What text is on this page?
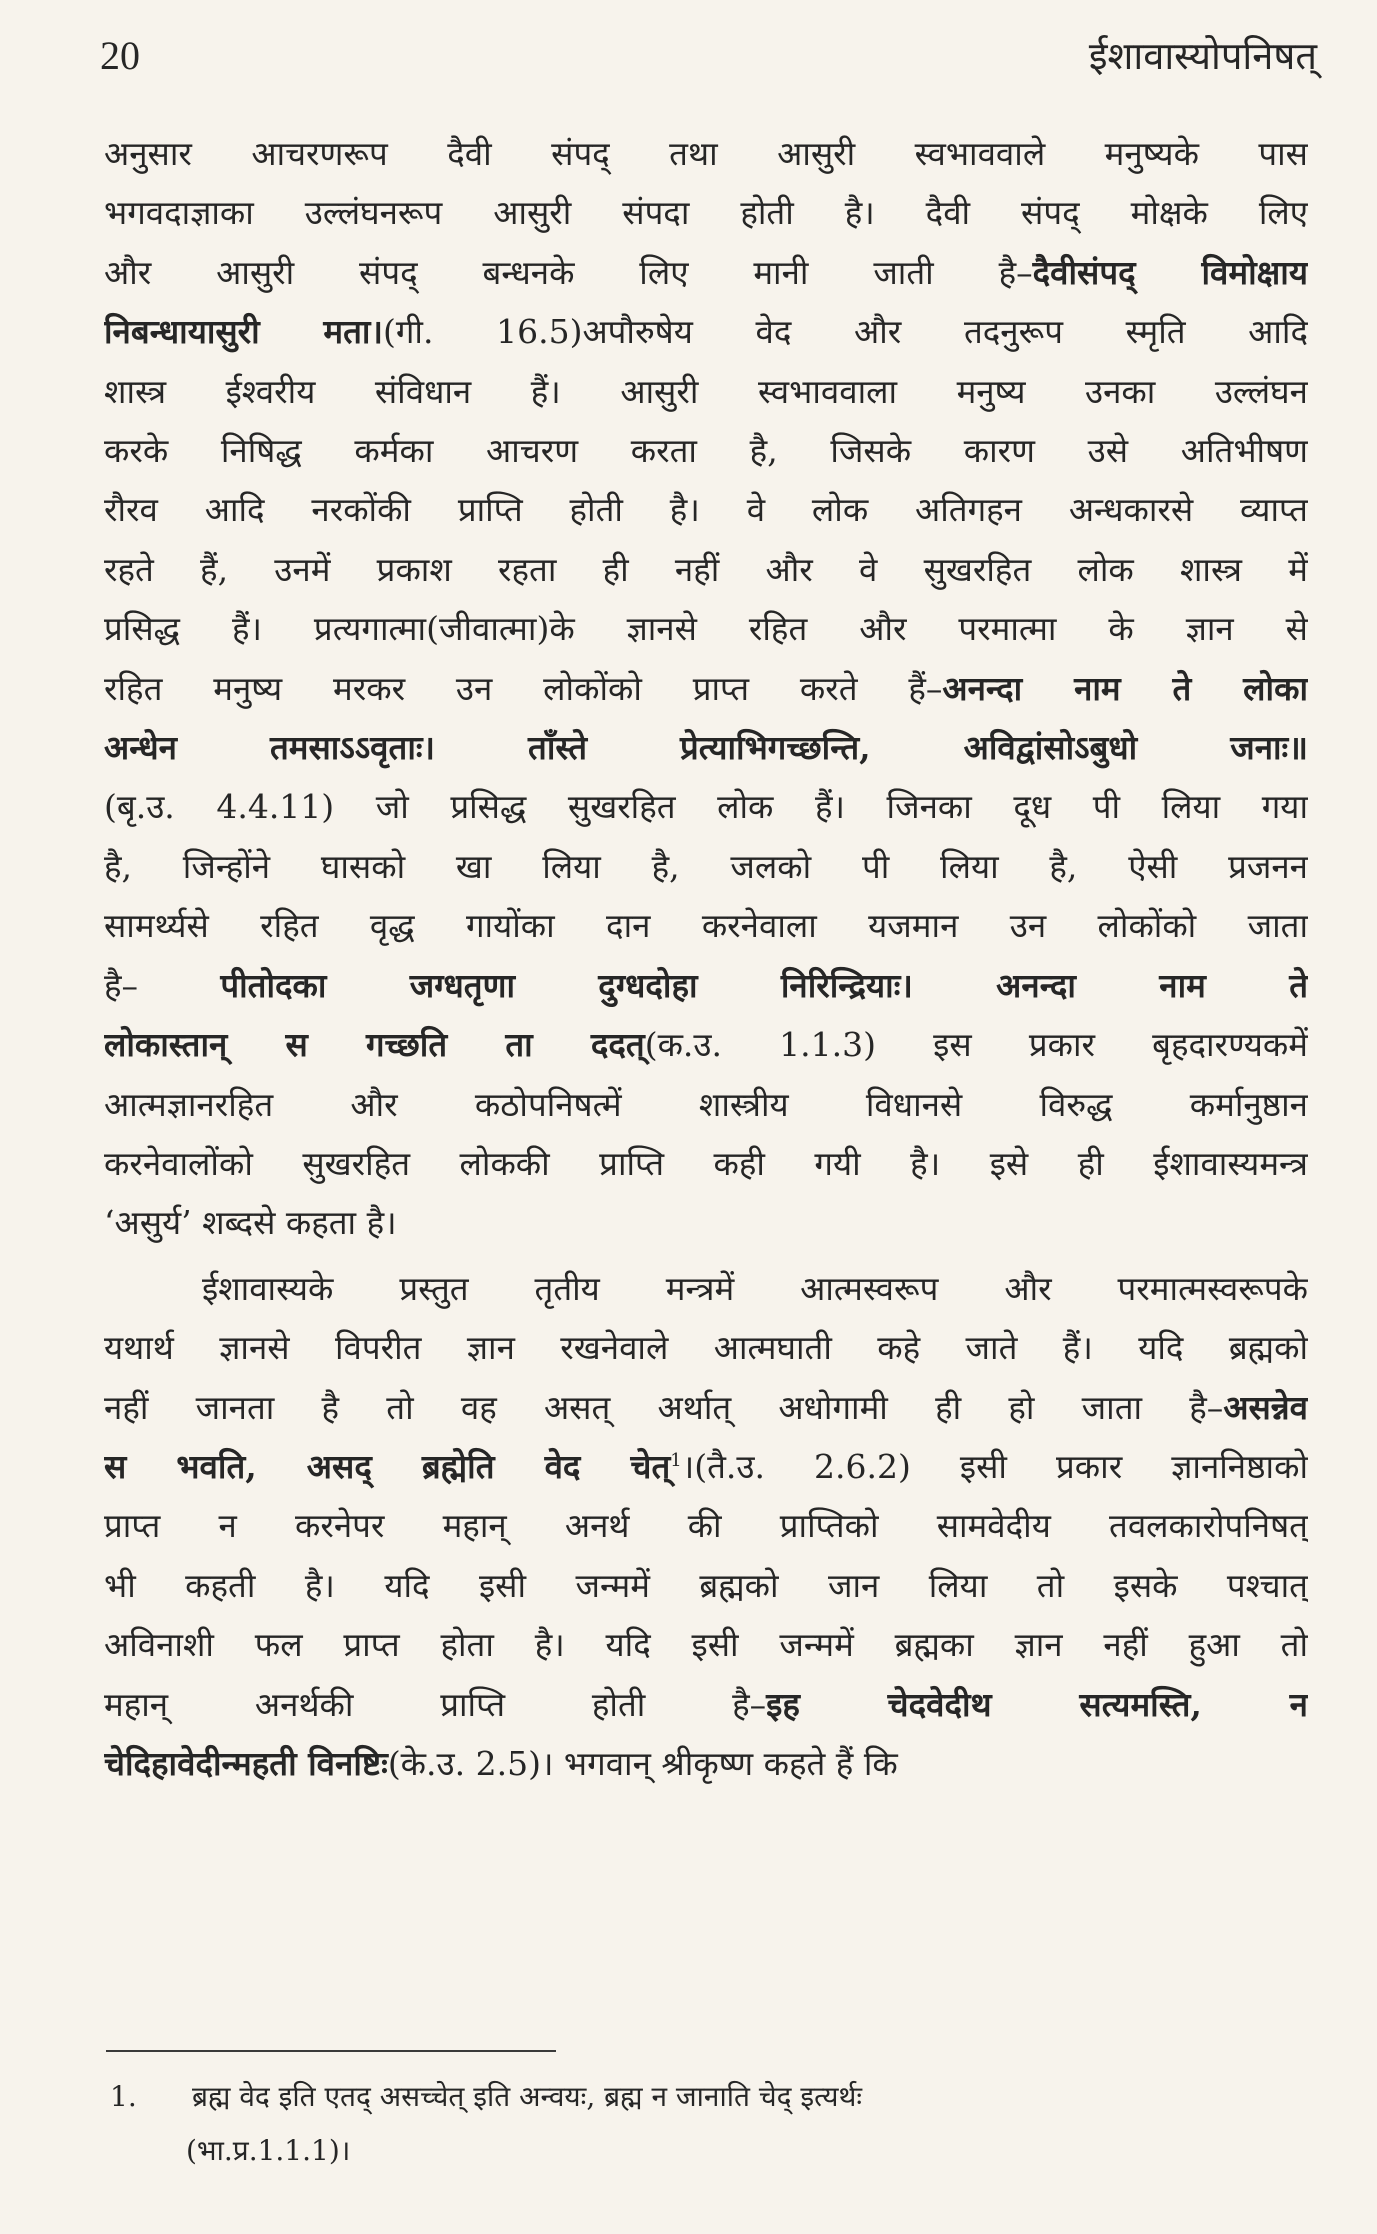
20	ईशावास्योपनिषत्
अनुसार आचरणरूप दैवी संपद् तथा आसुरी स्वभाववाले मनुष्यके पास
भगवदाज्ञाका उल्लंघनरूप आसुरी संपदा होती है। दैवी संपद् मोक्षके लिए
और आसुरी संपद् बन्धनके लिए मानी जाती है–दैवीसंपद् विमोक्षाय
निबन्धायासुरी मता।(गी. 16.5)अपौरुषेय वेद और तदनुरूप स्मृति आदि
शास्त्र ईश्वरीय संविधान हैं। आसुरी स्वभाववाला मनुष्य उनका उल्लंघन
करके निषिद्ध कर्मका आचरण करता है, जिसके कारण उसे अतिभीषण
रौरव आदि नरकोंकी प्राप्ति होती है। वे लोक अतिगहन अन्धकारसे व्याप्त
रहते हैं, उनमें प्रकाश रहता ही नहीं और वे सुखरहित लोक शास्त्र में
प्रसिद्ध हैं। प्रत्यगात्मा(जीवात्मा)के ज्ञानसे रहित और परमात्मा के ज्ञान से
रहित मनुष्य मरकर उन लोकोंको प्राप्त करते हैं–अनन्दा नाम ते लोका
अन्धेन तमसाऽऽवृताः। ताँस्ते प्रेत्याभिगच्छन्ति, अविद्वांसोऽबुधो जनाः॥
(बृ.उ. 4.4.11) जो प्रसिद्ध सुखरहित लोक हैं। जिनका दूध पी लिया गया
है, जिन्होंने घासको खा लिया है, जलको पी लिया है, ऐसी प्रजनन
सामर्थ्यसे रहित वृद्ध गायोंका दान करनेवाला यजमान उन लोकोंको जाता
है– पीतोदका जग्धतृणा दुग्धदोहा निरिन्द्रियाः। अनन्दा नाम ते
लोकास्तान् स गच्छति ता ददत्(क.उ. 1.1.3) इस प्रकार बृहदारण्यकमें
आत्मज्ञानरहित और कठोपनिषत्में शास्त्रीय विधानसे विरुद्ध कर्मानुष्ठान
करनेवालोंको सुखरहित लोककी प्राप्ति कही गयी है। इसे ही ईशावास्यमन्त्र
‘असुर्य’ शब्दसे कहता है।
ईशावास्यके प्रस्तुत तृतीय मन्त्रमें आत्मस्वरूप और परमात्मस्वरूपके
यथार्थ ज्ञानसे विपरीत ज्ञान रखनेवाले आत्मघाती कहे जाते हैं। यदि ब्रह्मको
नहीं जानता है तो वह असत् अर्थात् अधोगामी ही हो जाता है–असन्नेव
स भवति, असद् ब्रह्मेति वेद चेत्$^1$।(तै.उ. 2.6.2) इसी प्रकार ज्ञाननिष्ठाको
प्राप्त न करनेपर महान् अनर्थ की प्राप्तिको सामवेदीय तवलकारोपनिषत्
भी कहती है। यदि इसी जन्ममें ब्रह्मको जान लिया तो इसके पश्चात्
अविनाशी फल प्राप्त होता है। यदि इसी जन्ममें ब्रह्मका ज्ञान नहीं हुआ तो
महान् अनर्थकी प्राप्ति होती है–इह चेदवेदीथ सत्यमस्ति, न
चेदिहावेदीन्महती विनष्टिः(के.उ. 2.5)। भगवान् श्रीकृष्ण कहते हैं कि
1. ब्रह्म वेद इति एतद् असच्चेत् इति अन्वयः, ब्रह्म न जानाति चेद् इत्यर्थः
(भा.प्र.1.1.1)।
